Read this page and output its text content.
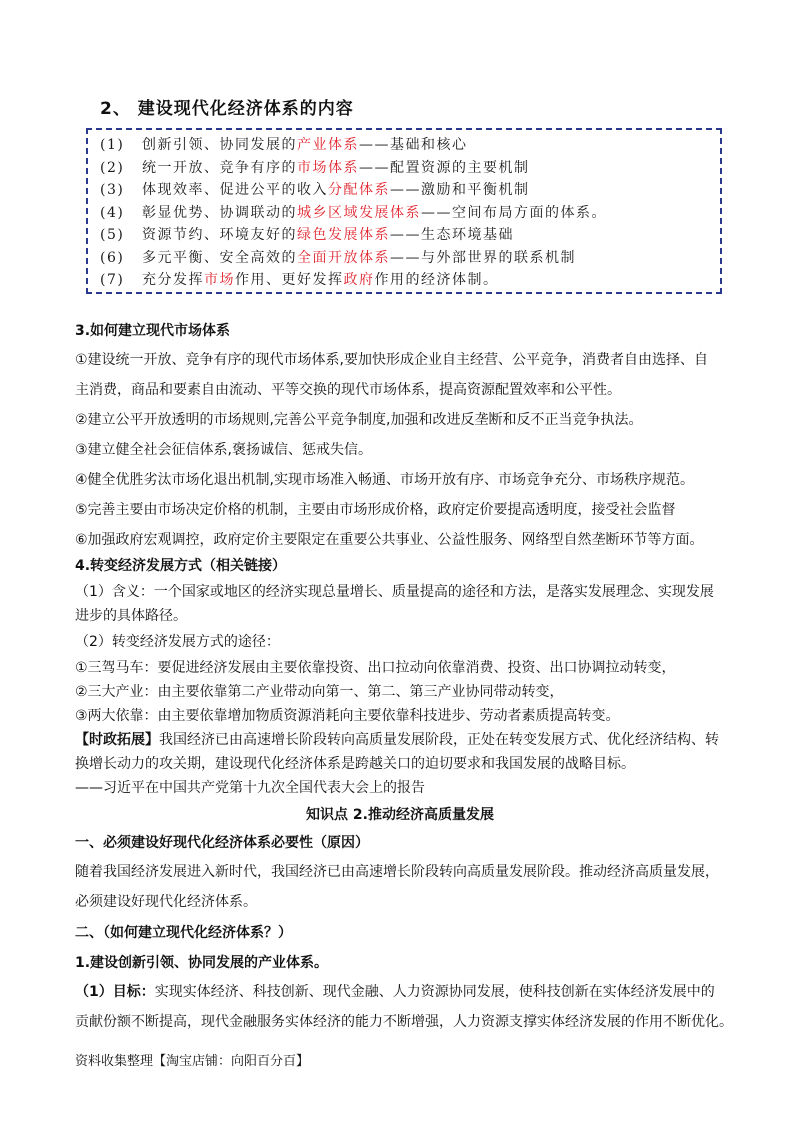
2、 建设现代化经济体系的内容
(1) 创新引领、协同发展的产业体系——基础和核心
(2) 统一开放、竞争有序的市场体系——配置资源的主要机制
(3) 体现效率、促进公平的收入分配体系——激励和平衡机制
(4) 彰显优势、协调联动的城乡区域发展体系——空间布局方面的体系。
(5) 资源节约、环境友好的绿色发展体系——生态环境基础
(6) 多元平衡、安全高效的全面开放体系——与外部世界的联系机制
(7) 充分发挥市场作用、更好发挥政府作用的经济体制。
3.如何建立现代市场体系
①建设统一开放、竞争有序的现代市场体系,要加快形成企业自主经营、公平竞争，消费者自由选择、自
主消费，商品和要素自由流动、平等交换的现代市场体系，提高资源配置效率和公平性。
②建立公平开放透明的市场规则,完善公平竞争制度,加强和改进反垄断和反不正当竞争执法。
③建立健全社会征信体系,褒扬诚信、惩戒失信。
④健全优胜劣汰市场化退出机制,实现市场准入畅通、市场开放有序、市场竞争充分、市场秩序规范。
⑤完善主要由市场决定价格的机制，主要由市场形成价格，政府定价要提高透明度，接受社会监督
⑥加强政府宏观调控，政府定价主要限定在重要公共事业、公益性服务、网络型自然垄断环节等方面。
4.转变经济发展方式（相关链接）
（1）含义：一个国家或地区的经济实现总量增长、质量提高的途径和方法，是落实发展理念、实现发展
进步的具体路径。
（2）转变经济发展方式的途径：
①三驾马车：要促进经济发展由主要依靠投资、出口拉动向依靠消费、投资、出口协调拉动转变，
②三大产业：由主要依靠第二产业带动向第一、第二、第三产业协同带动转变，
③两大依靠：由主要依靠增加物质资源消耗向主要依靠科技进步、劳动者素质提高转变。
【时政拓展】我国经济已由高速增长阶段转向高质量发展阶段，正处在转变发展方式、优化经济结构、转
换增长动力的攻关期，建设现代化经济体系是跨越关口的迫切要求和我国发展的战略目标。
——习近平在中国共产党第十九次全国代表大会上的报告
知识点 2.推动经济高质量发展
一、必须建设好现代化经济体系必要性（原因）
随着我国经济发展进入新时代，我国经济已由高速增长阶段转向高质量发展阶段。推动经济高质量发展，
必须建设好现代化经济体系。
二、（如何建立现代化经济体系？）
1.建设创新引领、协同发展的产业体系。
（1）目标：实现实体经济、科技创新、现代金融、人力资源协同发展，使科技创新在实体经济发展中的
贡献份额不断提高，现代金融服务实体经济的能力不断增强，人力资源支撑实体经济发展的作用不断优化。
资料收集整理【淘宝店铺：向阳百分百】
